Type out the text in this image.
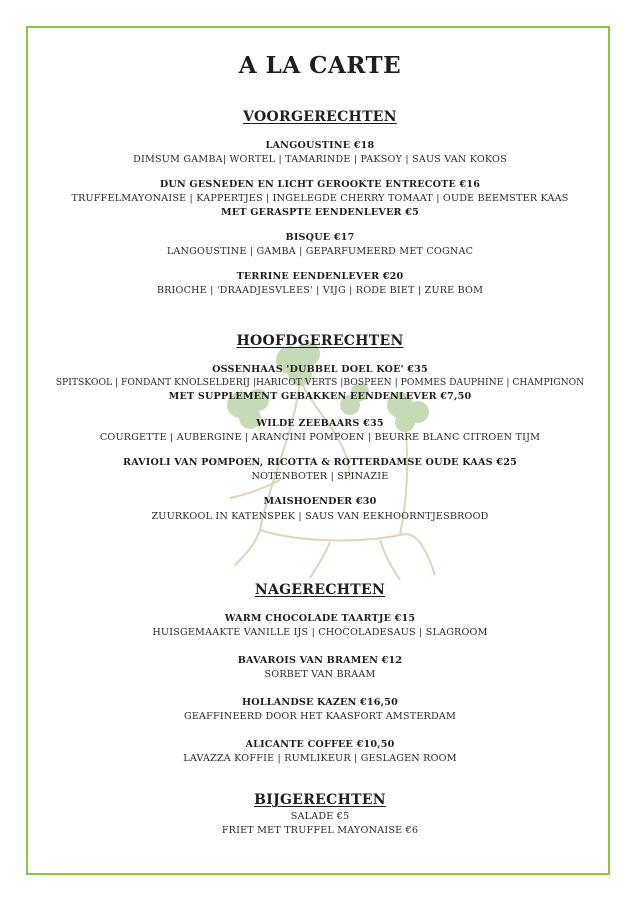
A LA CARTE
VOORGERECHTEN
LANGOUSTINE €18
DIMSUM GAMBA| WORTEL | TAMARINDE | PAKSOY | SAUS VAN KOKOS
DUN GESNEDEN EN LICHT GEROOKTE ENTRECOTE €16
TRUFFELMAYONAISE | KAPPERTJES | INGELEGDE CHERRY TOMAAT | OUDE BEEMSTER KAAS
MET GERASPTE EENDENLEVER €5
BISQUE €17
LANGOUSTINE | GAMBA | GEPARFUMEERD MET COGNAC
TERRINE EENDENLEVER €20
BRIOCHE | 'DRAADJESVLEES' | VIJG | RODE BIET | ZURE BOM
HOOFDGERECHTEN
OSSENHAAS 'DUBBEL DOEL KOE' €35
SPITSKOOL | FONDANT KNOLSELDERIJ |HARICOT VERTS |BOSPEEN | POMMES DAUPHINE | CHAMPIGNON
MET SUPPLEMENT GEBAKKEN EENDENLEVER €7,50
WILDE ZEEBAARS €35
COURGETTE | AUBERGINE | ARANCINI POMPOEN | BEURRE BLANC CITROEN TIJM
RAVIOLI VAN POMPOEN, RICOTTA & ROTTERDAMSE OUDE KAAS €25
NOTENBOTER | SPINAZIE
MAISHOENDER €30
ZUURKOOL IN KATENSPEK | SAUS VAN EEKHOORNTJESBROOD
NAGERECHTEN
WARM CHOCOLADE TAARTJE €15
HUISGEMAAKTE VANILLE IJS | CHOCOLADESAUS | SLAGROOM
BAVAROIS VAN BRAMEN €12
SORBET VAN BRAAM
HOLLANDSE KAZEN €16,50
GEAFFINEERD DOOR HET KAASFORT AMSTERDAM
ALICANTE COFFEE €10,50
LAVAZZA KOFFIE | RUMLIKEUR | GESLAGEN ROOM
BIJGERECHTEN
SALADE €5
FRIET MET TRUFFEL MAYONAISE €6
